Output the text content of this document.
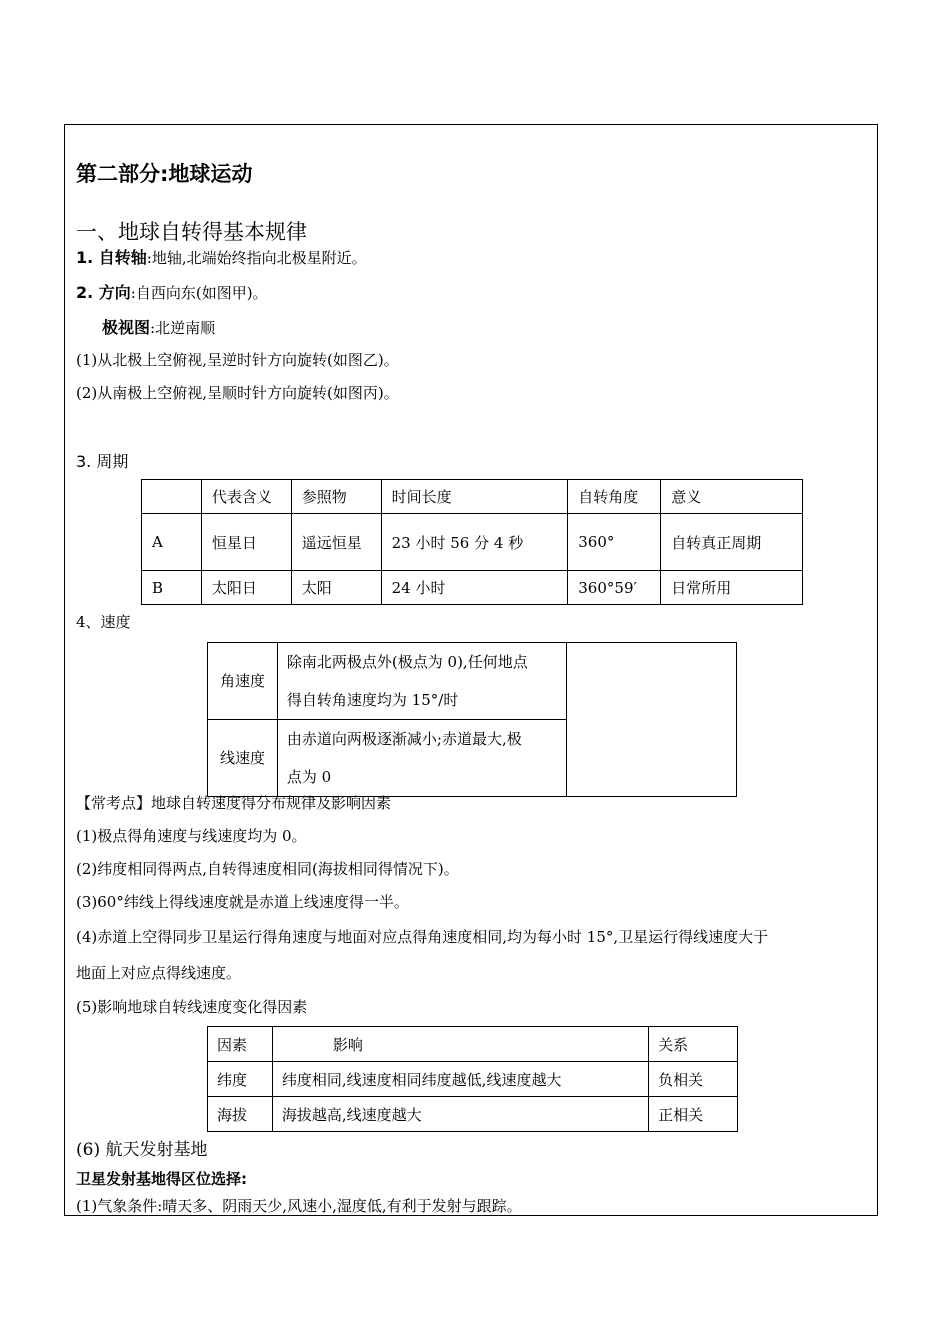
第二部分:地球运动
一、地球自转得基本规律
1. 自转轴:地轴,北端始终指向北极星附近。
2. 方向:自西向东(如图甲)。
极视图:北逆南顺
(1)从北极上空俯视,呈逆时针方向旋转(如图乙)。
(2)从南极上空俯视,呈顺时针方向旋转(如图丙)。
3. 周期
	代表含义	参照物	时间长度	自转角度	意义
A	恒星日	遥远恒星	23 小时 56 分 4 秒	360°	自转真正周期
B	太阳日	太阳	24 小时	360°59′	日常所用
4、速度
角速度	除南北两极点外(极点为 0),任何地点
得自转角速度均为 15°/时	

线速度	由赤道向两极逐渐减小;赤道最大,极
点为 0	
【常考点】地球自转速度得分布规律及影响因素
(1)极点得角速度与线速度均为 0。
(2)纬度相同得两点,自转得速度相同(海拔相同得情况下)。
(3)60°纬线上得线速度就是赤道上线速度得一半。
(4)赤道上空得同步卫星运行得角速度与地面对应点得角速度相同,均为每小时 15°,卫星运行得线速度大于
地面上对应点得线速度。
(5)影响地球自转线速度变化得因素
因素	影响	关系
纬度	纬度相同,线速度相同纬度越低,线速度越大	负相关
海拔	海拔越高,线速度越大	正相关
(6) 航天发射基地
卫星发射基地得区位选择:
(1)气象条件:晴天多、阴雨天少,风速小,湿度低,有利于发射与跟踪。
